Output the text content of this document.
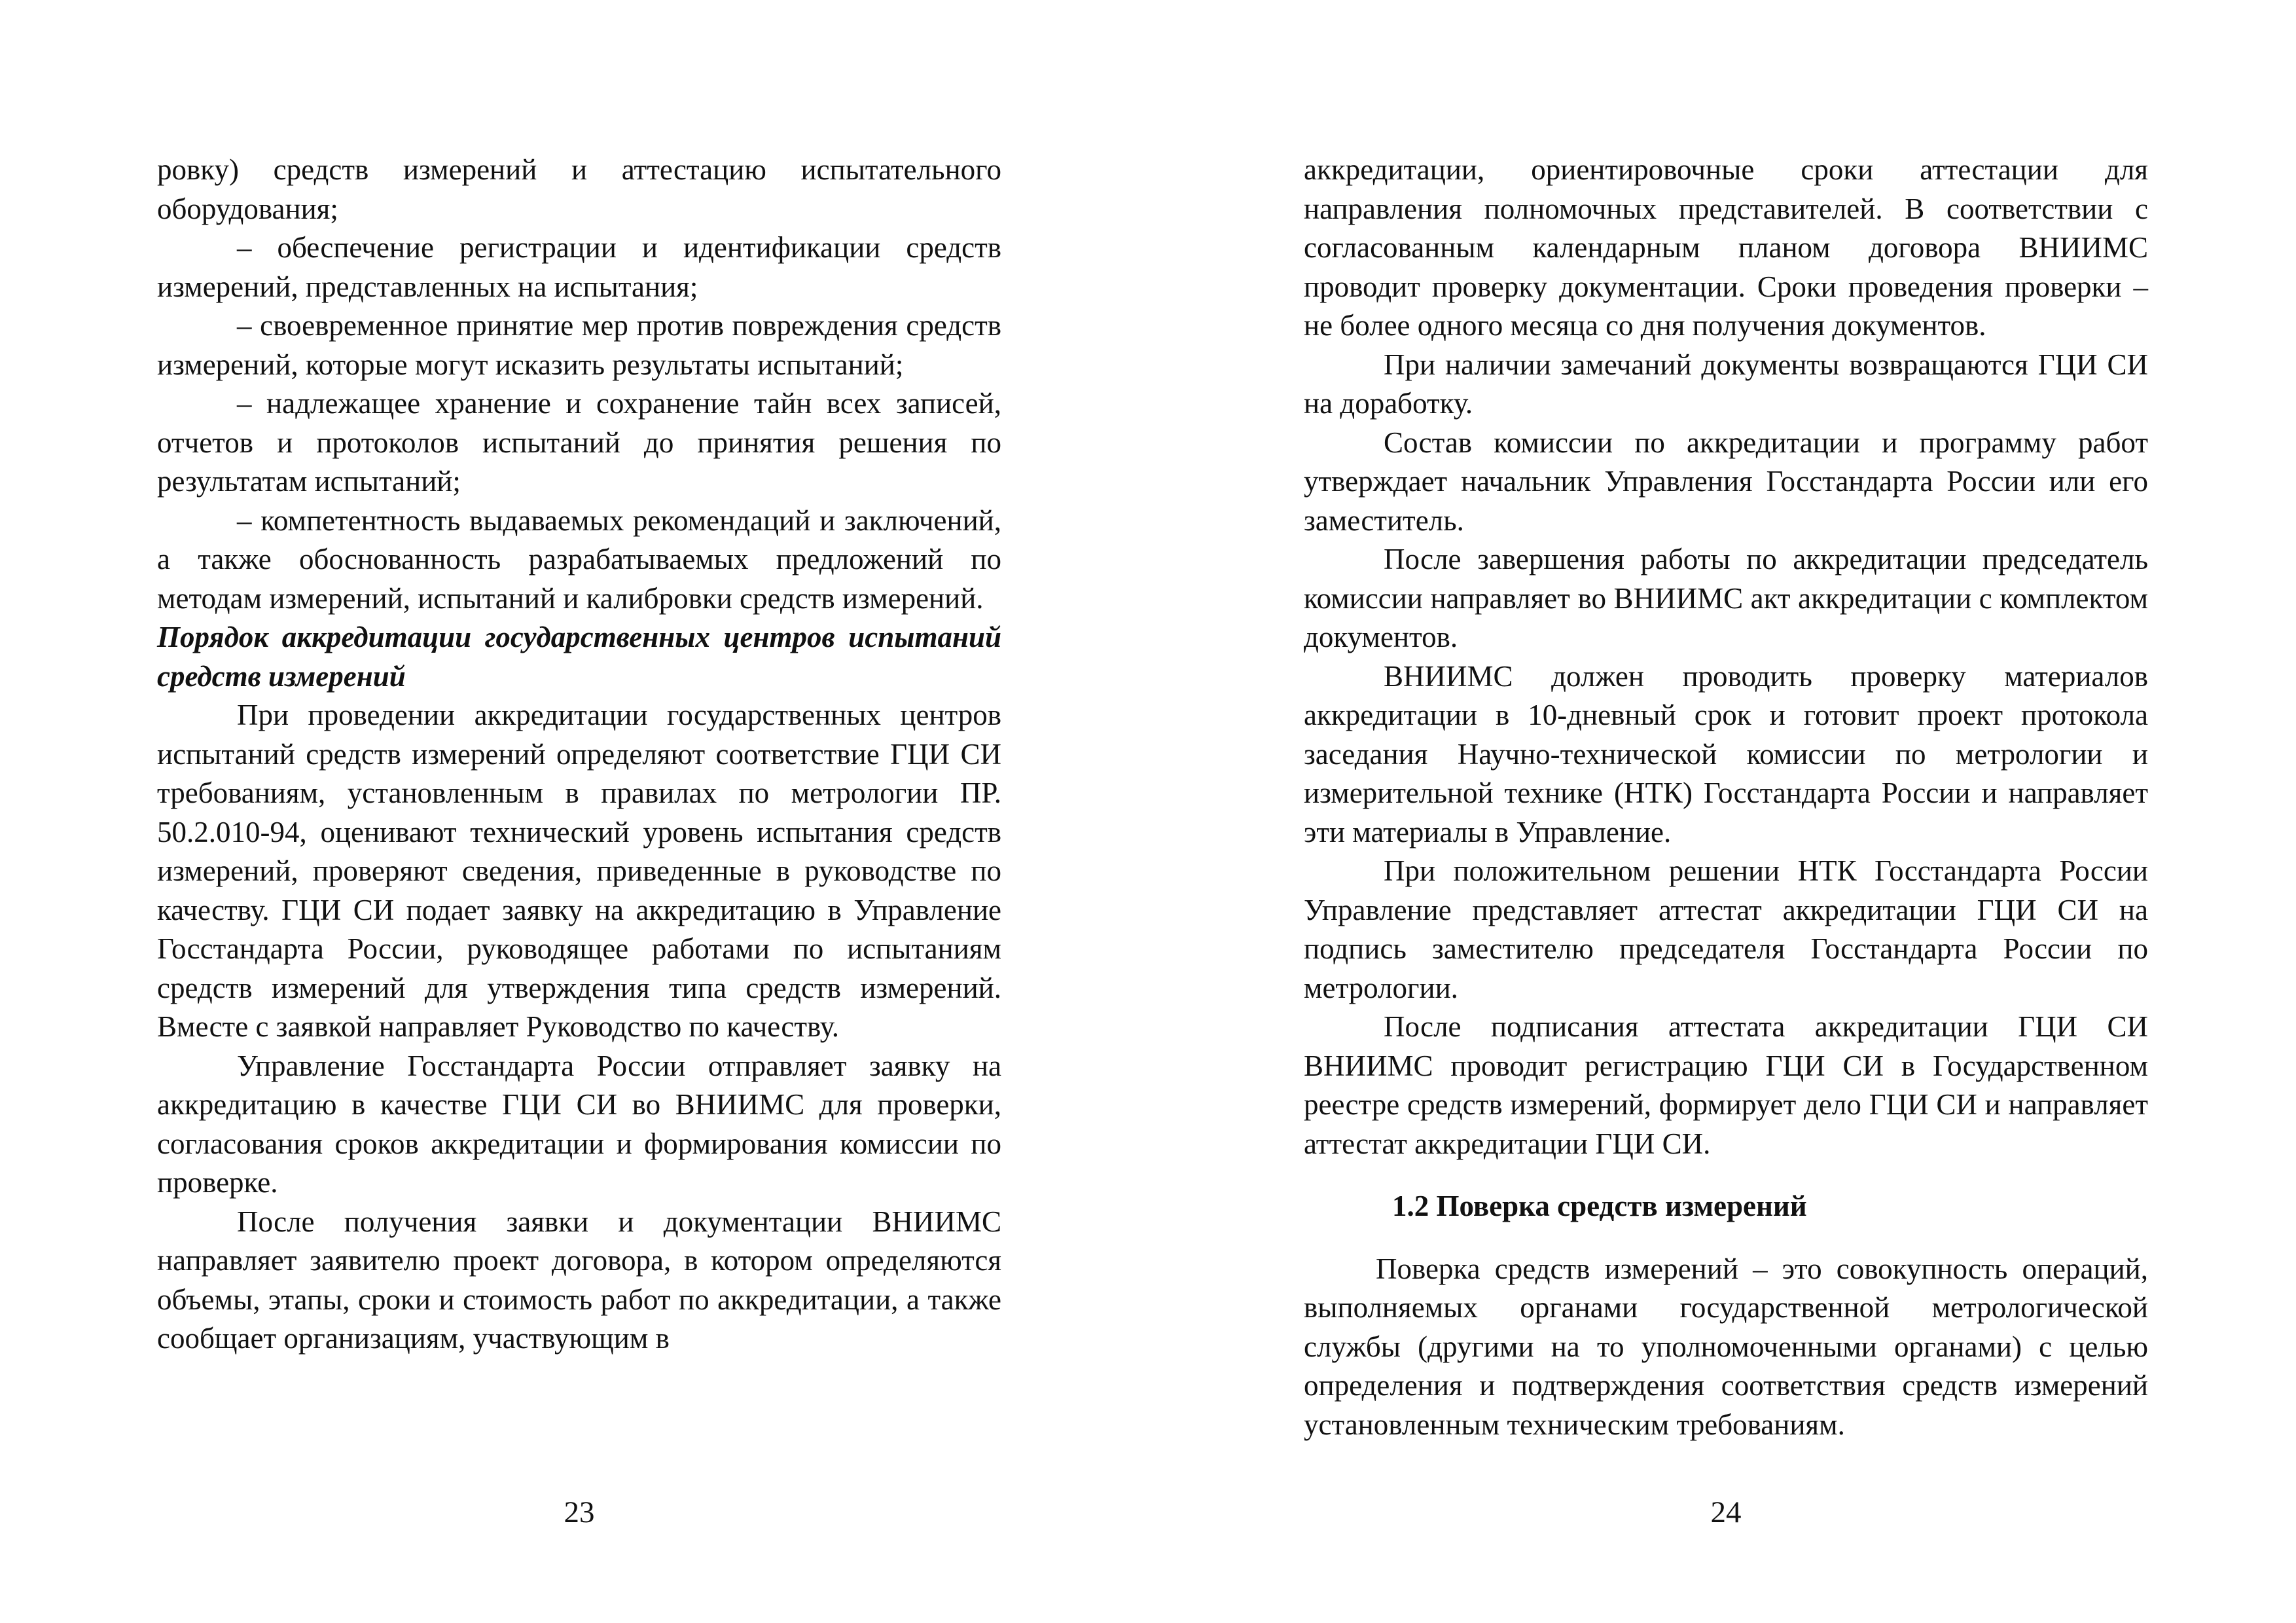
ровку) средств измерений и аттестацию испытательного оборудования;

– обеспечение регистрации и идентификации средств измерений, представленных на испытания;

– своевременное принятие мер против повреждения средств измерений, которые могут исказить результаты испытаний;

– надлежащее хранение и сохранение тайн всех записей, отчетов и протоколов испытаний до принятия решения по результатам испытаний;

– компетентность выдаваемых рекомендаций и заключений, а также обоснованность разрабатываемых предложений по методам измерений, испытаний и калибровки средств измерений.

Порядок аккредитации государственных центров испытаний средств измерений

При проведении аккредитации государственных центров испытаний средств измерений определяют соответствие ГЦИ СИ требованиям, установленным в правилах по метрологии ПР. 50.2.010-94, оценивают технический уровень испытания средств измерений, проверяют сведения, приведенные в руководстве по качеству. ГЦИ СИ подает заявку на аккредитацию в Управление Госстандарта России, руководящее работами по испытаниям средств измерений для утверждения типа средств измерений. Вместе с заявкой направляет Руководство по качеству.

Управление Госстандарта России отправляет заявку на аккредитацию в качестве ГЦИ СИ во ВНИИМС для проверки, согласования сроков аккредитации и формирования комиссии по проверке.

После получения заявки и документации ВНИИМС направляет заявителю проект договора, в котором определяются объемы, этапы, сроки и стоимость работ по аккредитации, а также сообщает организациям, участвующим в

23

аккредитации, ориентировочные сроки аттестации для направления полномочных представителей. В соответствии с согласованным календарным планом договора ВНИИМС проводит проверку документации. Сроки проведения проверки – не более одного месяца со дня получения документов.

При наличии замечаний документы возвращаются ГЦИ СИ на доработку.

Состав комиссии по аккредитации и программу работ утверждает начальник Управления Госстандарта России или его заместитель.

После завершения работы по аккредитации председатель комиссии направляет во ВНИИМС акт аккредитации с комплектом документов.

ВНИИМС должен проводить проверку материалов аккредитации в 10-дневный срок и готовит проект протокола заседания Научно-технической комиссии по метрологии и измерительной технике (НТК) Госстандарта России и направляет эти материалы в Управление.

При положительном решении НТК Госстандарта России Управление представляет аттестат аккредитации ГЦИ СИ на подпись заместителю председателя Госстандарта России по метрологии.

После подписания аттестата аккредитации ГЦИ СИ ВНИИМС проводит регистрацию ГЦИ СИ в Государственном реестре средств измерений, формирует дело ГЦИ СИ и направляет аттестат аккредитации ГЦИ СИ.

1.2 Поверка средств измерений

Поверка средств измерений – это совокупность операций, выполняемых органами государственной метрологической службы (другими на то уполномоченными органами) с целью определения и подтверждения соответствия средств измерений установленным техническим требованиям.

24
